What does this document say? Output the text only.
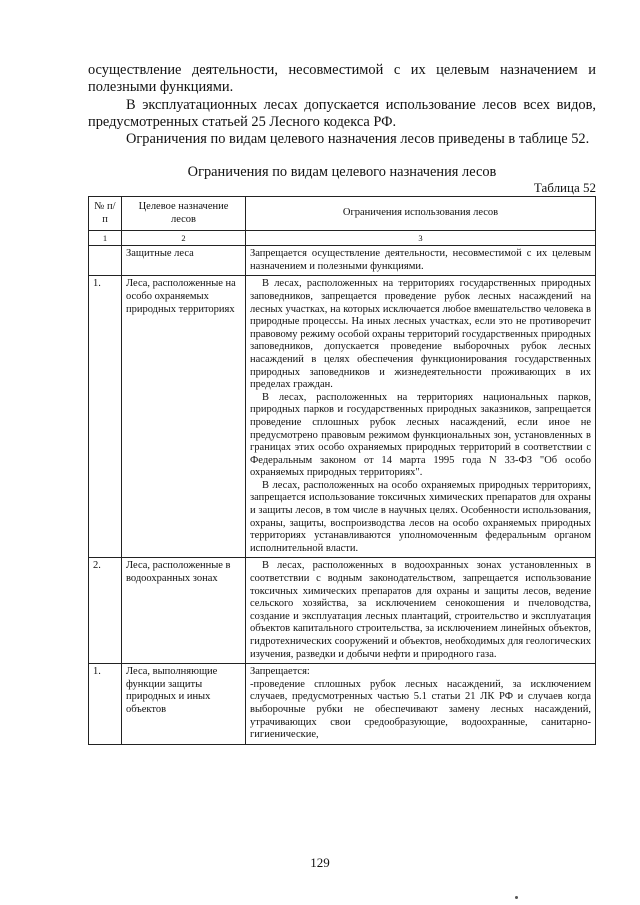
осуществление деятельности, несовместимой с их целевым назначением и полезными функциями.

В эксплуатационных лесах допускается использование лесов всех видов, предусмотренных статьей 25 Лесного кодекса РФ.

Ограничения по видам целевого назначения лесов приведены в таблице 52.

Ограничения по видам целевого назначения лесов

Таблица 52

№ п/п	Целевое назначение лесов	Ограничения использования лесов
1	2	3
	Защитные леса	Запрещается осуществление деятельности, несовместимой с их целевым назначением и полезными функциями.

1.	Леса, расположенные на особо охраняемых природных территориях	В лесах, расположенных на территориях государственных природных заповедников, запрещается проведение рубок лесных насаждений на лесных участках, на которых исключается любое вмешательство человека в природные процессы. На иных лесных участках, если это не противоречит правовому режиму особой охраны территорий государственных природных заповедников, допускается проведение выборочных рубок лесных насаждений в целях обеспечения функционирования государственных природных заповедников и жизнедеятельности проживающих в их пределах граждан.
В лесах, расположенных на территориях национальных парков, природных парков и государственных природных заказников, запрещается проведение сплошных рубок лесных насаждений, если иное не предусмотрено правовым режимом функциональных зон, установленных в границах этих особо охраняемых природных территорий в соответствии с Федеральным законом от 14 марта 1995 года N 33-ФЗ "Об особо охраняемых природных территориях".
В лесах, расположенных на особо охраняемых природных территориях, запрещается использование токсичных химических препаратов для охраны и защиты лесов, в том числе в научных целях. Особенности использования, охраны, защиты, воспроизводства лесов на особо охраняемых природных территориях устанавливаются уполномоченным федеральным органом исполнительной власти.

2.	Леса, расположенные в водоохранных зонах	В лесах, расположенных в водоохранных зонах установленных в соответствии с водным законодательством, запрещается использование токсичных химических препаратов для охраны и защиты лесов, ведение сельского хозяйства, за исключением сенокошения и пчеловодства, создание и эксплуатация лесных плантаций, строительство и эксплуатация объектов капитального строительства, за исключением линейных объектов, гидротехнических сооружений и объектов, необходимых для геологических изучения, разведки и добычи нефти и природного газа.

1.	Леса, выполняющие функции защиты природных и иных объектов	Запрещается:
-проведение сплошных рубок лесных насаждений, за исключением случаев, предусмотренных частью 5.1 статьи 21 ЛК РФ и случаев когда выборочные рубки не обеспечивают замену лесных насаждений, утрачивающих свои средообразующие, водоохранные, санитарно-гигиенические,

129
